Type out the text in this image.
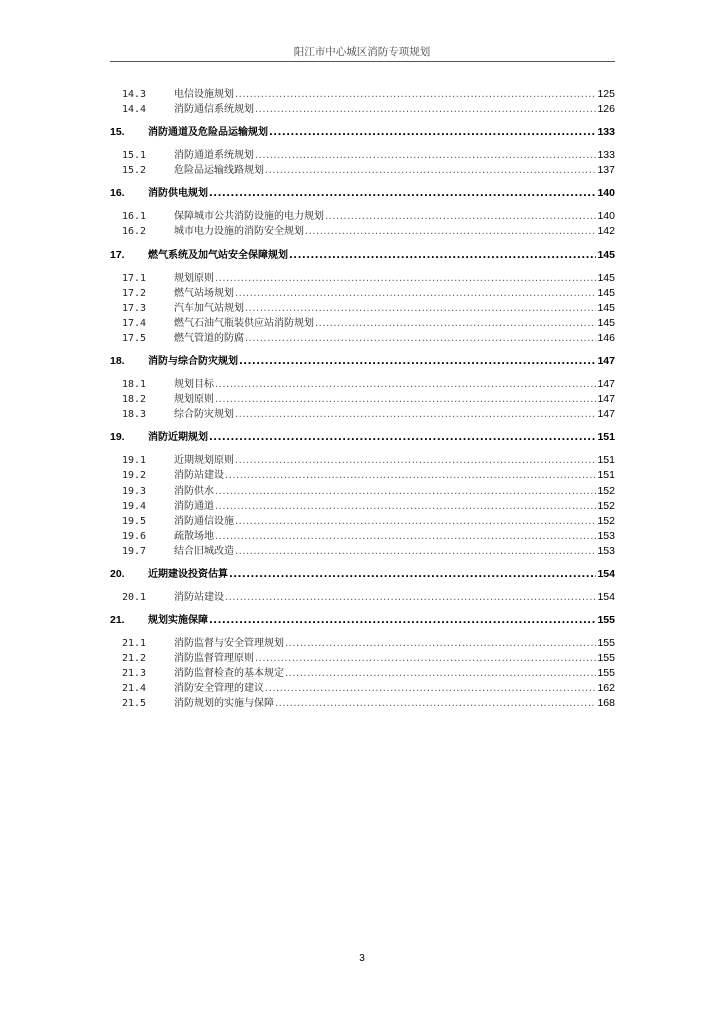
阳江市中心城区消防专项规划
14.3	电信设施规划 .....	125
14.4	消防通信系统规划 .....	126
15.	消防通道及危险品运输规划 .....	133
15.1	消防通道系统规划 .....	133
15.2	危险品运输线路规划 .....	137
16.	消防供电规划 .....	140
16.1	保障城市公共消防设施的电力规划 .....	140
16.2	城市电力设施的消防安全规划 .....	142
17.	燃气系统及加气站安全保障规划 .....	145
17.1	规划原则 .....	145
17.2	燃气站场规划 .....	145
17.3	汽车加气站规划 .....	145
17.4	燃气石油气瓶装供应站消防规划 .....	145
17.5	燃气管道的防腐 .....	146
18.	消防与综合防灾规划 .....	147
18.1	规划目标 .....	147
18.2	规划原则 .....	147
18.3	综合防灾规划 .....	147
19.	消防近期规划 .....	151
19.1	近期规划原则 .....	151
19.2	消防站建设 .....	151
19.3	消防供水 .....	152
19.4	消防通道 .....	152
19.5	消防通信设施 .....	152
19.6	疏散场地 .....	153
19.7	结合旧城改造 .....	153
20.	近期建设投资估算 .....	154
20.1	消防站建设 .....	154
21.	规划实施保障 .....	155
21.1	消防监督与安全管理规划 .....	155
21.2	消防监督管理原则 .....	155
21.3	消防监督检查的基本规定 .....	155
21.4	消防安全管理的建议 .....	162
21.5	消防规划的实施与保障 .....	168
3
